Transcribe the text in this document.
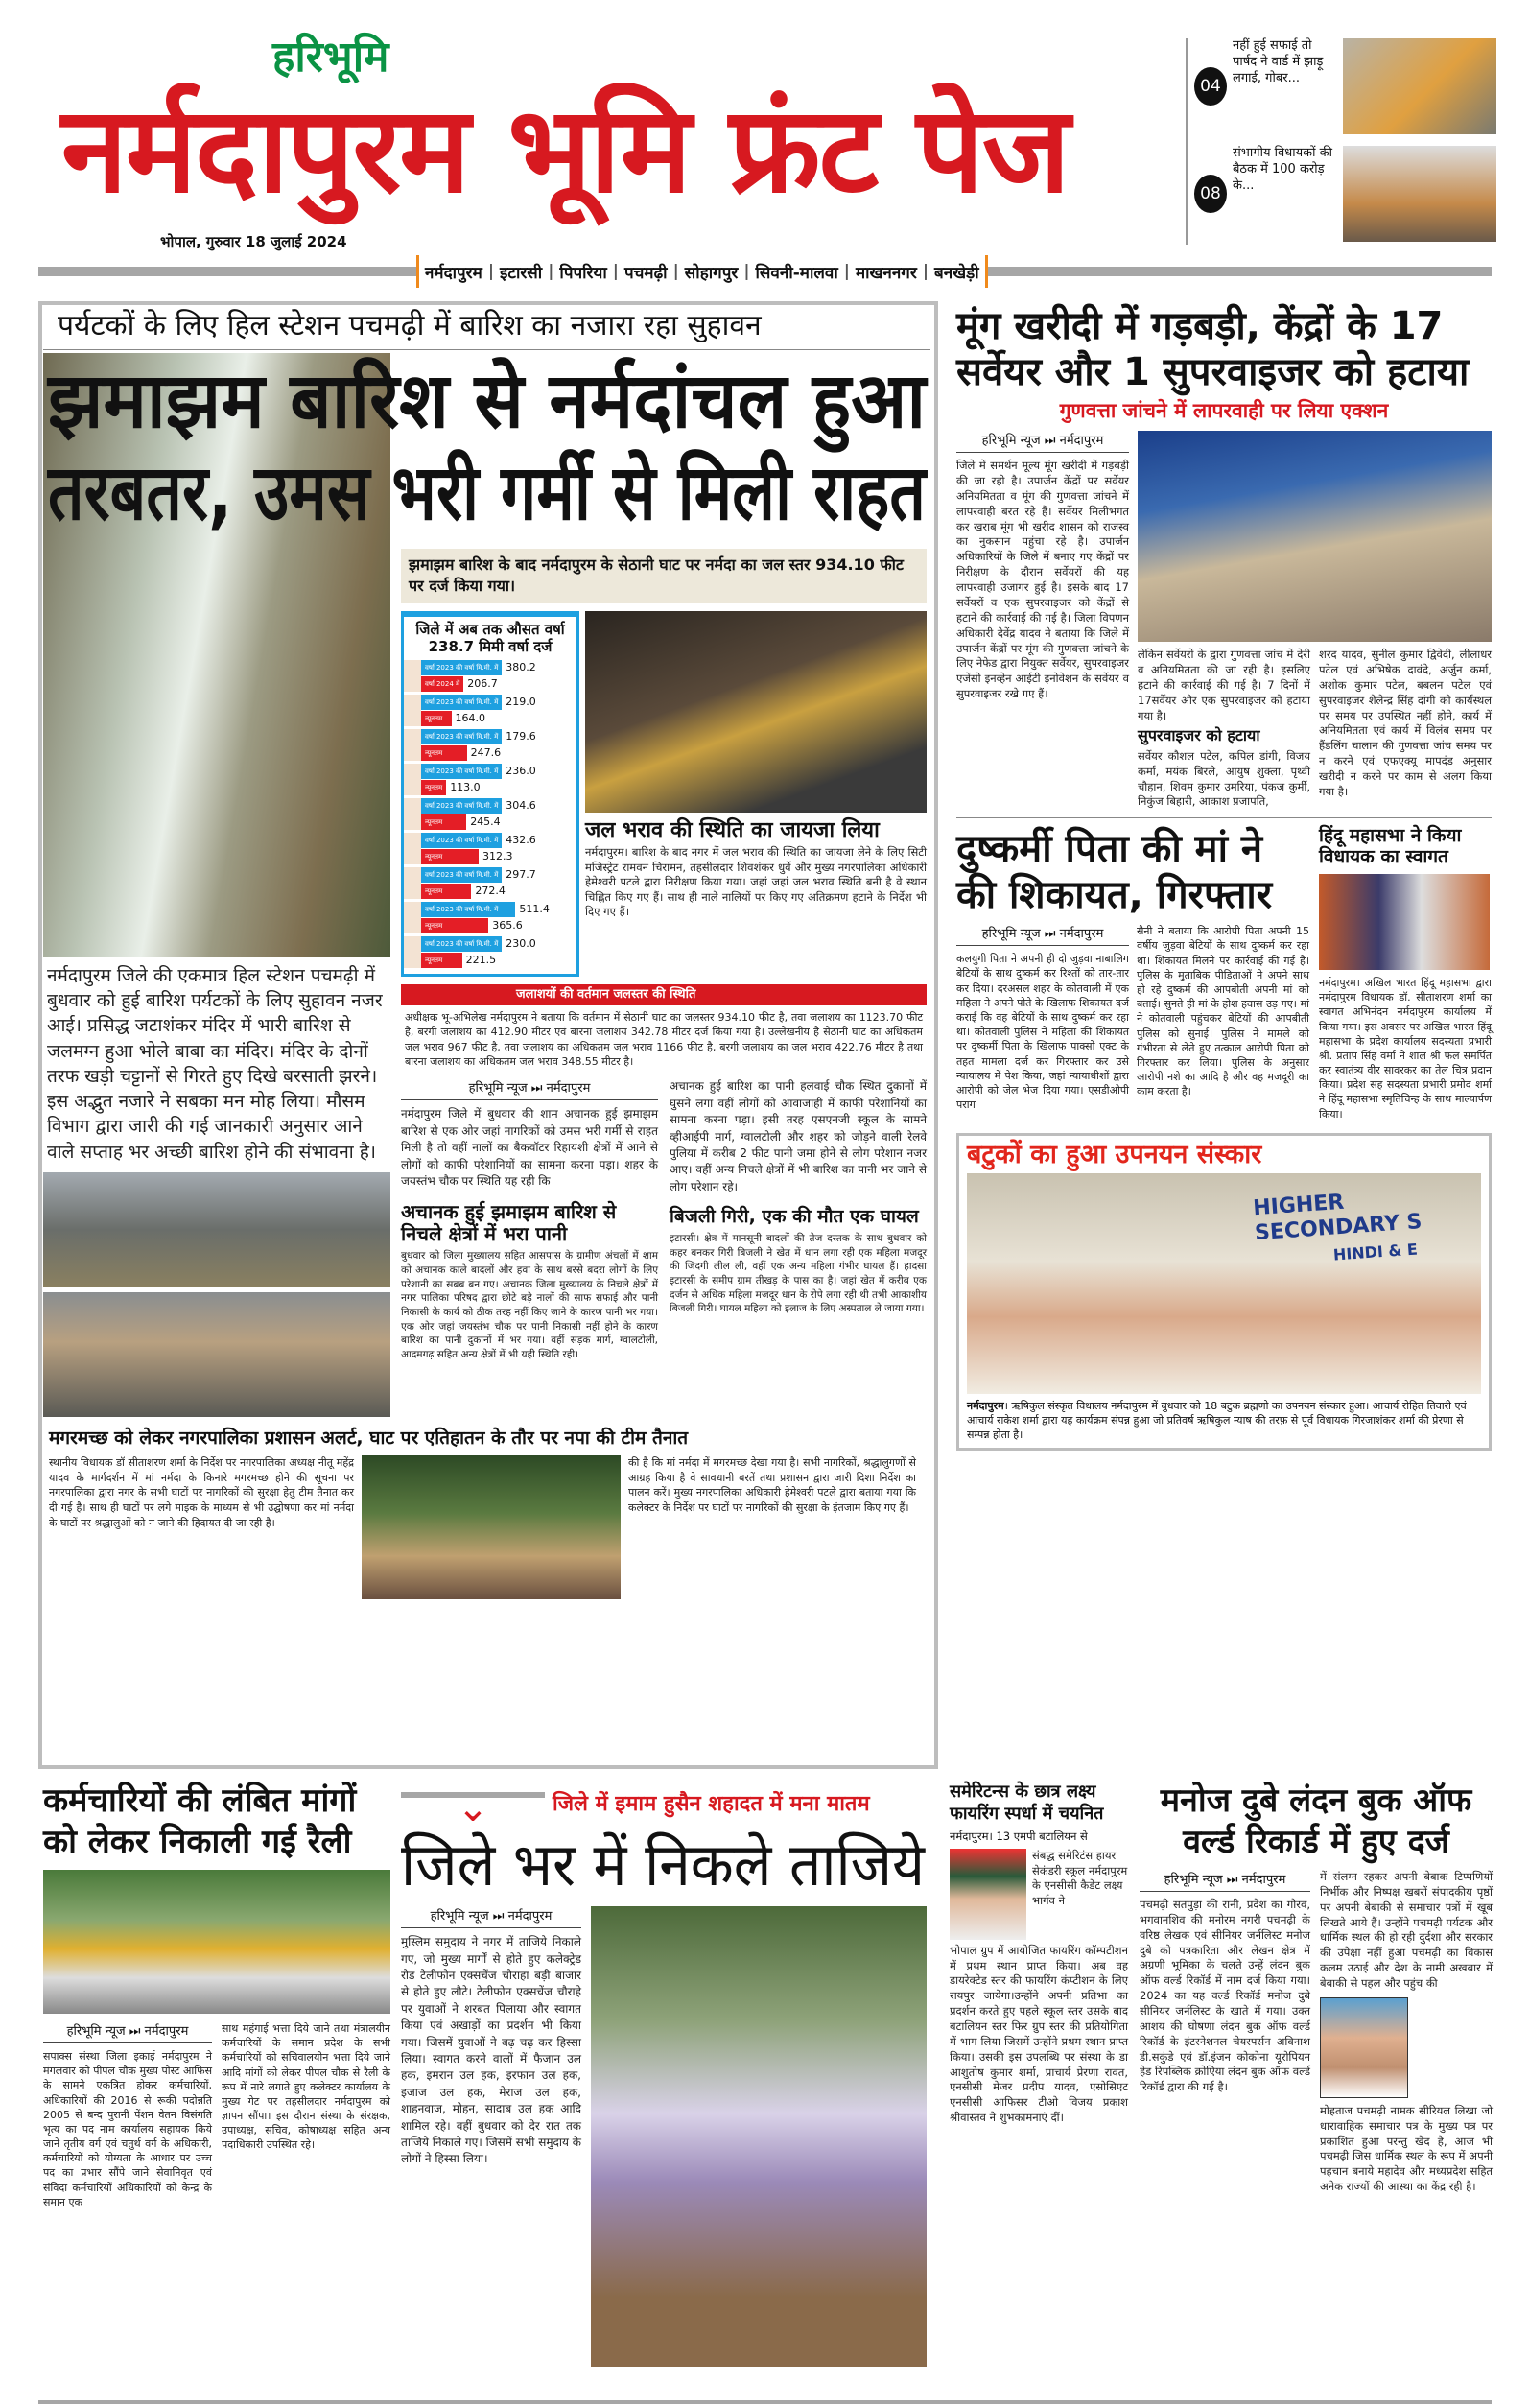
हरिभूमि
नर्मदापुरम भूमि फ्रंट पेज
भोपाल, गुरुवार 18 जुलाई 2024
नर्मदापुरम | इटारसी | पिपरिया | पचमढ़ी | सोहागपुर | सिवनी-मालवा | माखननगर | बनखेड़ी
04
नहीं हुई सफाई तो पार्षद ने वार्ड में झाड़ू लगाई, गोबर...
08
संभागीय विधायकों की बैठक में 100 करोड़ के...
पर्यटकों के लिए हिल स्टेशन पचमढ़ी में बारिश का नजारा रहा सुहावन
झमाझम बारिश से नर्मदांचल हुआ
तरबतर, उमस भरी गर्मी से मिली राहत
नर्मदापुरम जिले की एकमात्र हिल स्टेशन पचमढ़ी में बुधवार को हुई बारिश पर्यटकों के लिए सुहावन नजर आई। प्रसिद्ध जटाशंकर मंदिर में भारी बारिश से जलमग्न हुआ भोले बाबा का मंदिर। मंदिर के दोनों तरफ खड़ी चट्टानों से गिरते हुए दिखे बरसाती झरने। इस अद्भुत नजारे ने सबका मन मोह लिया। मौसम विभाग द्वारा जारी की गई जानकारी अनुसार आने वाले सप्ताह भर अच्छी बारिश होने की संभावना है।
झमाझम बारिश के बाद नर्मदापुरम के सेठानी घाट पर नर्मदा का जल स्तर 934.10 फीट पर दर्ज किया गया।
जिले में अब तक औसत वर्षा 238.7 मिमी वर्षा दर्ज
वर्षा 2023 की वर्षा मि.मी. में 380.2
वर्षा 2024 में 206.7
वर्षा 2023 की वर्षा मि.मी. में 219.0
न्यूनतम	164.0
वर्षा 2023 की वर्षा मि.मी. में 179.6
न्यूनतम	247.6
वर्षा 2023 की वर्षा मि.मी. में 236.0
न्यूनतम 113.0
वर्षा 2023 की वर्षा मि.मी. में 304.6
न्यूनतम	245.4
वर्षा 2023 की वर्षा मि.मी. में 432.6
न्यूनतम	312.3
वर्षा 2023 की वर्षा मि.मी. में 297.7
न्यूनतम	272.4
वर्षा 2023 की वर्षा मि.मी. में	511.4
न्यूनतम	365.6
वर्षा 2023 की वर्षा मि.मी. में 230.0
न्यूनतम	221.5
जल भराव की स्थिति का जायजा लिया
नर्मदापुरम। बारिश के बाद नगर में जल भराव की स्थिति का जायजा लेने के लिए सिटी मजिस्ट्रेट रामवन चिरामन, तहसीलदार शिवशंकर धुर्वे और मुख्य नगरपालिका अधिकारी हेमेश्वरी पटले द्वारा निरीक्षण किया गया। जहां जहां जल भराव स्थिति बनी है वे स्थान चिह्नित किए गए हैं। साथ ही नाले नालियों पर किए गए अतिक्रमण हटाने के निर्देश भी दिए गए हैं।
जलाशयों की वर्तमान जलस्तर की स्थिति
अधीक्षक भू-अभिलेख नर्मदापुरम ने बताया कि वर्तमान में सेठानी घाट का जलस्तर 934.10 फीट है, तवा जलाशय का 1123.70 फीट है, बरगी जलाशय का 412.90 मीटर एवं बारना जलाशय 342.78 मीटर दर्ज किया गया है। उल्लेखनीय है सेठानी घाट का अधिकतम जल भराव 967 फीट है, तवा जलाशय का अधिकतम जल भराव 1166 फीट है, बरगी जलाशय का जल भराव 422.76 मीटर है तथा बारना जलाशय का अधिकतम जल भराव 348.55 मीटर है।
हरिभूमि न्यूज ⏭ नर्मदापुरम
नर्मदापुरम जिले में बुधवार की शाम अचानक हुई झमाझम बारिश से एक ओर जहां नागरिकों को उमस भरी गर्मी से राहत मिली है तो वहीं नालों का बैकवॉटर रिहायशी क्षेत्रों में आने से लोगों को काफी परेशानियों का सामना करना पड़ा। शहर के जयस्तंभ चौक पर स्थिति यह रही कि
अचानक हुई झमाझम बारिश से निचले क्षेत्रों में भरा पानी
बुधवार को जिला मुख्यालय सहित आसपास के ग्रामीण अंचलों में शाम को अचानक काले बादलों और हवा के साथ बरसे बदरा लोगों के लिए परेशानी का सबब बन गए। अचानक जिला मुख्यालय के निचले क्षेत्रों में नगर पालिका परिषद द्वारा छोटे बड़े नालों की साफ सफाई और पानी निकासी के कार्य को ठीक तरह नहीं किए जाने के कारण पानी भर गया। एक ओर जहां जयस्तंभ चौक पर पानी निकासी नहीं होने के कारण बारिश का पानी दुकानों में भर गया। वहीं सड़क मार्ग, ग्वालटोली, आदमगढ़ सहित अन्य क्षेत्रों में भी यही स्थिति रही।
अचानक हुई बारिश का पानी हलवाई चौक स्थित दुकानों में घुसने लगा वहीं लोगों को आवाजाही में काफी परेशानियों का सामना करना पड़ा। इसी तरह एसएनजी स्कूल के सामने व्हीआईपी मार्ग, ग्वालटोली और शहर को जोड़ने वाली रेलवे पुलिया में करीब 2 फीट पानी जमा होने से लोग परेशान नजर आए। वहीं अन्य निचले क्षेत्रों में भी बारिश का पानी भर जाने से लोग परेशान रहे।
बिजली गिरी, एक की मौत एक घायल
इटारसी। क्षेत्र में मानसूनी बादलों की तेज दस्तक के साथ बुधवार को कहर बनकर गिरी बिजली ने खेत में धान लगा रही एक महिला मजदूर की जिंदगी लील ली, वहीं एक अन्य महिला गंभीर घायल हैं। हादसा इटारसी के समीप ग्राम तीखड़ के पास का है। जहां खेत में करीब एक दर्जन से अधिक महिला मजदूर धान के रोपे लगा रही थी तभी आकाशीय बिजली गिरी। घायल महिला को इलाज के लिए अस्पताल ले जाया गया।
मगरमच्छ को लेकर नगरपालिका प्रशासन अलर्ट, घाट पर एतिहातन के तौर पर नपा की टीम तैनात
स्थानीय विधायक डॉ सीताशरण शर्मा के निर्देश पर नगरपालिका अध्यक्ष नीतू महेंद्र यादव के मार्गदर्शन में मां नर्मदा के किनारे मगरमच्छ होने की सूचना पर नगरपालिका द्वारा नगर के सभी घाटों पर नागरिकों की सुरक्षा हेतु टीम तैनात कर दी गई है। साथ ही घाटों पर लगे माइक के माध्यम से भी उद्घोषणा कर मां नर्मदा के घाटों पर श्रद्धालुओं को न जाने की हिदायत दी जा रही है।
की है कि मां नर्मदा में मगरमच्छ देखा गया है। सभी नागरिकों, श्रद्धालुगणों से आग्रह किया है वे सावधानी बरतें तथा प्रशासन द्वारा जारी दिशा निर्देश का पालन करें। मुख्य नगरपालिका अधिकारी हेमेश्वरी पटले द्वारा बताया गया कि कलेक्टर के निर्देश पर घाटों पर नागरिकों की सुरक्षा के इंतजाम किए गए हैं।
मूंग खरीदी में गड़बड़ी, केंद्रों के 17 सर्वेयर और 1 सुपरवाइजर को हटाया
गुणवत्ता जांचने में लापरवाही पर लिया एक्शन
हरिभूमि न्यूज ⏭ नर्मदापुरम
जिले में समर्थन मूल्य मूंग खरीदी में गड़बड़ी की जा रही है। उपार्जन केंद्रों पर सर्वेयर अनियमितता व मूंग की गुणवत्ता जांचने में लापरवाही बरत रहे हैं। सर्वेयर मिलीभगत कर खराब मूंग भी खरीद शासन को राजस्व का नुकसान पहुंचा रहे है। उपार्जन अधिकारियों के जिले में बनाए गए केंद्रों पर निरीक्षण के दौरान सर्वेयरों की यह लापरवाही उजागर हुई है। इसके बाद 17 सर्वेयरों व एक सुपरवाइजर को केंद्रों से हटाने की कार्रवाई की गई है। जिला विपणन अधिकारी देवेंद्र यादव ने बताया कि जिले में उपार्जन केंद्रों पर मूंग की गुणवत्ता जांचने के लिए नेफेड द्वारा नियुक्त सर्वेयर, सुपरवाइजर एजेंसी इनव्हेन आईटी इनोवेशन के सर्वेयर व सुपरवाइजर रखे गए हैं।
लेकिन सर्वेयरों के द्वारा गुणवत्ता जांच में देरी व अनियमितता की जा रही है। इसलिए हटाने की कार्रवाई की गई है। 7 दिनों में 17सर्वेयर और एक सुपरवाइजर को हटाया गया है।
सुपरवाइजर को हटाया
सर्वेयर कौशल पटेल, कपिल डांगी, विजय कर्मा, मयंक बिरले, आयुष शुक्ला, पृथ्वी चौहान, शिवम कुमार उमरिया, पंकज कुर्मी, निकुंज बिहारी, आकाश प्रजापति,
शरद यादव, सुनील कुमार द्विवेदी, लीलाधर पटेल एवं अभिषेक दावंदे, अर्जुन कर्मा, अशोक कुमार पटेल, बबलन पटेल एवं सुपरवाइजर शैलेन्द्र सिंह दांगी को कार्यस्थल पर समय पर उपस्थित नहीं होने, कार्य में अनियमितता एवं कार्य में विलंब समय पर हैंडलिंग चालान की गुणवत्ता जांच समय पर न करने एवं एफएक्यू मापदंड अनुसार खरीदी न करने पर काम से अलग किया गया है।
दुष्कर्मी पिता की मां ने की शिकायत, गिरफ्तार
हरिभूमि न्यूज ⏭ नर्मदापुरम
कलयुगी पिता ने अपनी ही दो जुड़वा नाबालिग बेटियों के साथ दुष्कर्म कर रिश्तों को तार-तार कर दिया। दरअसल शहर के कोतवाली में एक महिला ने अपने पोते के खिलाफ शिकायत दर्ज कराई कि वह बेटियों के साथ दुष्कर्म कर रहा था। कोतवाली पुलिस ने महिला की शिकायत पर दुष्कर्मी पिता के खिलाफ पाक्सो एक्ट के तहत मामला दर्ज कर गिरफ्तार कर उसे न्यायालय में पेश किया, जहां न्यायाधीशों द्वारा आरोपी को जेल भेज दिया गया। एसडीओपी पराग
सैनी ने बताया कि आरोपी पिता अपनी 15 वर्षीय जुड़वा बेटियों के साथ दुष्कर्म कर रहा था। शिकायत मिलने पर कार्रवाई की गई है। पुलिस के मुताबिक पीड़िताओं ने अपने साथ हो रहे दुष्कर्म की आपबीती अपनी मां को बताई। सुनते ही मां के होश हवास उड़ गए। मां ने कोतवाली पहुंचकर बेटियों की आपबीती पुलिस को सुनाई। पुलिस ने मामले को गंभीरता से लेते हुए तत्काल आरोपी पिता को गिरफ्तार कर लिया। पुलिस के अनुसार आरोपी नशे का आदि है और वह मजदूरी का काम करता है।
हिंदू महासभा ने किया विधायक का स्वागत
नर्मदापुरम। अखिल भारत हिंदू महासभा द्वारा नर्मदापुरम विधायक डॉ. सीताशरण शर्मा का स्वागत अभिनंदन नर्मदापुरम कार्यालय में किया गया। इस अवसर पर अखिल भारत हिंदू महासभा के प्रदेश कार्यालय सदस्यता प्रभारी श्री. प्रताप सिंह वर्मा ने शाल श्री फल समर्पित कर स्वातंत्र्य वीर सावरकर का तेल चित्र प्रदान किया। प्रदेश सह सदस्यता प्रभारी प्रमोद शर्मा ने हिंदू महासभा स्मृतिचिन्ह के साथ माल्यार्पण किया।
बटुकों का हुआ उपनयन संस्कार
HIGHER SECONDARY S
HINDI & E
नर्मदापुरम। ऋषिकुल संस्कृत विधालय नर्मदापुरम में बुधवार को 18 बटुक ब्रह्मणो का उपनयन संस्कार हुआ। आचार्य रोहित तिवारी एवं आचार्य राकेश शर्मा द्वारा यह कार्यक्रम संपन्न हुआ जो प्रतिवर्ष ऋषिकुल न्याष की तरफ़ से पूर्व विधायक गिरजाशंकर शर्मा की प्रेरणा से सम्पन्न होता है।
कर्मचारियों की लंबित मांगों को लेकर निकाली गई रैली
हरिभूमि न्यूज ⏭ नर्मदापुरम
सपाक्स संस्था जिला इकाई नर्मदापुरम ने मंगलवार को पीपल चौक मुख्य पोस्ट आफिस के सामने एकत्रित होकर कर्मचारियों, अधिकारियों की 2016 से रूकी पदोन्नति 2005 से बन्द पुरानी पेंशन वेतन विसंगति भृत्य का पद नाम कार्यालय सहायक किये जाने तृतीय वर्ग एवं चतुर्थ वर्ग के अधिकारी, कर्मचारियों को योग्यता के आधार पर उच्च पद का प्रभार सौंपे जाने सेवानिवृत एवं संविदा कर्मचारियों अधिकारियों को केन्द्र के समान एक
साथ महंगाई भत्ता दिये जाने तथा मंत्रालयीन कर्मचारियों के समान प्रदेश के सभी कर्मचारियों को सचिवालयीन भत्ता दिये जाने आदि मांगों को लेकर पीपल चौक से रैली के रूप में नारे लगाते हुए कलेक्टर कार्यालय के मुख्य गेट पर तहसीलदार नर्मदापुरम को ज्ञापन सौंपा। इस दौरान संस्था के संरक्षक, उपाध्यक्ष, सचिव, कोषाध्यक्ष सहित अन्य पदाधिकारी उपस्थित रहे।
⌄	जिले में इमाम हुसैन शहादत में मना मातम
जिले भर में निकले ताजिये
हरिभूमि न्यूज ⏭ नर्मदापुरम
मुस्लिम समुदाय ने नगर में ताजिये निकाले गए, जो मुख्य मार्गों से होते हुए कलेक्ट्रेड रोड टेलीफोन एक्सचेंज चौराहा बड़ी बाजार से होते हुए लौटे। टेलीफोन एक्सचेंज चौराहे पर युवाओं ने शरबत पिलाया और स्वागत किया एवं अखाड़ों का प्रदर्शन भी किया गया। जिसमें युवाओं ने बढ़ चढ़ कर हिस्सा लिया। स्वागत करने वालों में फैजान उल हक, इमरान उल हक, इरफान उल हक, इजाज उल हक, मेराज उल हक, शाहनवाज, मोहन, सादाब उल हक आदि शामिल रहे। वहीं बुधवार को देर रात तक ताजिये निकाले गए। जिसमें सभी समुदाय के लोगों ने हिस्सा लिया।
समेरिटन्स के छात्र लक्ष्य फायरिंग स्पर्धा में चयनित
नर्मदापुरम। 13 एमपी बटालियन से
संबद्ध समेरिटंस हायर सेकंडरी स्कूल नर्मदापुरम के एनसीसी कैडेट लक्ष्य भार्गव ने
भोपाल ग्रुप में आयोजित फायरिंग कॉम्पटीशन में प्रथम स्थान प्राप्त किया। अब वह डायरेक्टेड स्तर की फायरिंग कंप्टीशन के लिए रायपुर जायेगा।उन्होंने अपनी प्रतिभा का प्रदर्शन करते हुए पहले स्कूल स्तर उसके बाद बटालियन स्तर फिर ग्रुप स्तर की प्रतियोगिता में भाग लिया जिसमें उन्होंने प्रथम स्थान प्राप्त किया। उसकी इस उपलब्धि पर संस्था के डा आशुतोष कुमार शर्मा, प्राचार्य प्रेरणा रावत, एनसीसी मेजर प्रदीप यादव, एसोसिएट एनसीसी आफिसर टीओ विजय प्रकाश श्रीवास्तव ने शुभकामनाएं दीं।
मनोज दुबे लंदन बुक ऑफ वर्ल्ड रिकार्ड में हुए दर्ज
हरिभूमि न्यूज ⏭ नर्मदापुरम
पचमढ़ी सतपुड़ा की रानी, प्रदेश का गौरव, भगवानशिव की मनोरम नगरी पचमढ़ी के वरिष्ठ लेखक एवं सीनियर जर्नलिस्ट मनोज दुबे को पत्रकारिता और लेखन क्षेत्र में अग्रणी भूमिका के चलते उन्हें लंदन बुक ऑफ वर्ल्ड रिकॉर्ड में नाम दर्ज किया गया। 2024 का यह वर्ल्ड रिकॉर्ड मनोज दुबे सीनियर जर्नलिस्ट के खाते में गया। उक्त आशय की घोषणा लंदन बुक ऑफ वर्ल्ड रिकॉर्ड के इंटरनेशनल चेयरपर्सन अविनाश डी.सकुंडे एवं डॉ.इंजन कोकोना यूरोपियन हेड रिपब्लिक क्रोएिया लंदन बुक ऑफ वर्ल्ड रिकॉर्ड द्वारा की गई है।
में संलग्न रहकर अपनी बेबाक टिप्पणियों निर्भीक और निष्पक्ष खबरों संपादकीय पृष्ठों पर अपनी बेबाकी से समाचार पत्रों में खूब लिखते आये हैं। उन्होंने पचमढ़ी पर्यटक और धार्मिक स्थल की हो रही दुर्दशा और सरकार की उपेक्षा नहीं हुआ पचमढ़ी का विकास कलम उठाई और देश के नामी अखबार में बेबाकी से पहल और पहुंच की
मोहताज पचमढ़ी नामक सीरियल लिखा जो धारावाहिक समाचार पत्र के मुख्य पत्र पर प्रकाशित हुआ परन्तु खेद है, आज भी पचमढ़ी जिस धार्मिक स्थल के रूप में अपनी पहचान बनाये महादेव और मध्यप्रदेश सहित अनेक राज्यों की आस्था का केंद्र रही है।
